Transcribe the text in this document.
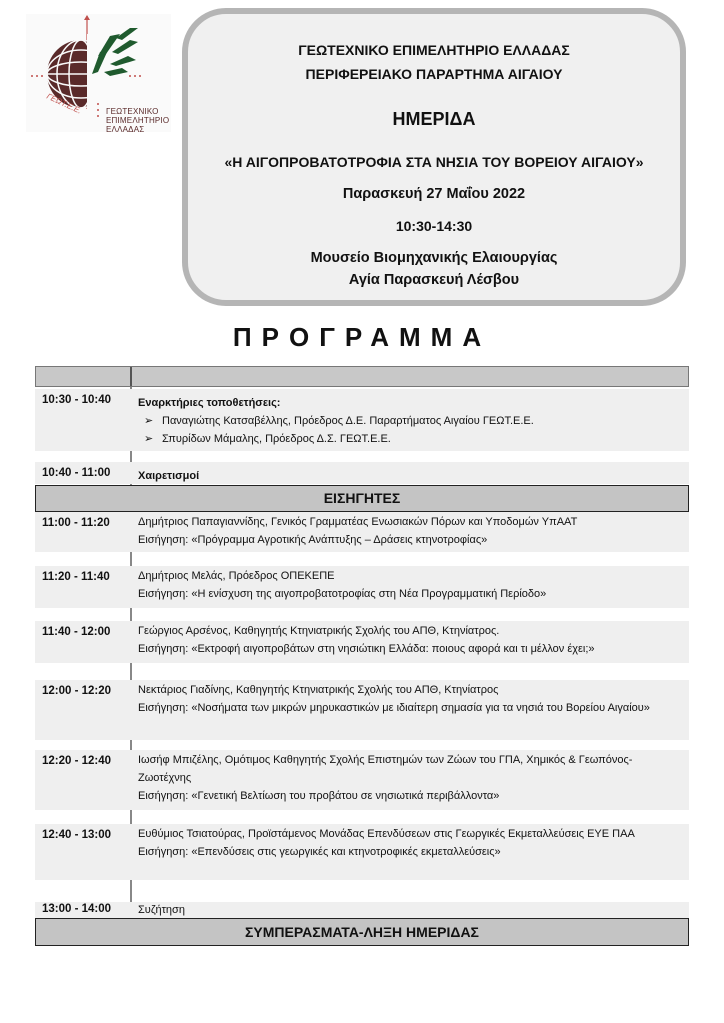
ΓΕΩΤ.Ε.Ε.	ΓΕΩΤΕΧΝΙΚΟ
ΕΠΙΜΕΛΗΤΗΡΙΟ
ΕΛΛΑΔΑΣ
ΓΕΩΤΕΧΝΙΚΟ ΕΠΙΜΕΛΗΤΗΡΙΟ ΕΛΛΑΔΑΣ
ΠΕΡΙΦΕΡΕΙΑΚΟ ΠΑΡΑΡΤΗΜΑ ΑΙΓΑΙΟΥ
ΗΜΕΡΙΔΑ
«Η ΑΙΓΟΠΡΟΒΑΤΟΤΡΟΦΙΑ ΣΤΑ ΝΗΣΙΑ ΤΟΥ ΒΟΡΕΙΟΥ ΑΙΓΑΙΟΥ»
Παρασκευή 27 Μαΐου 2022
10:30-14:30
Μουσείο Βιομηχανικής Ελαιουργίας
Αγία Παρασκευή Λέσβου
ΠΡΟΓΡΑΜΜΑ
10:30 - 10:40 Εναρκτήριες τοποθετήσεις:
➢ Παναγιώτης Κατσαβέλλης, Πρόεδρος Δ.Ε. Παραρτήματος Αιγαίου ΓΕΩΤ.Ε.Ε.
➢ Σπυρίδων Μάμαλης, Πρόεδρος Δ.Σ. ΓΕΩΤ.Ε.Ε.
10:40 - 11:00	Χαιρετισμοί
ΕΙΣΗΓΗΤΕΣ
11:00 - 11:20	Δημήτριος Παπαγιαννίδης, Γενικός Γραμματέας Ενωσιακών Πόρων και Υποδομών ΥπΑΑΤ
Εισήγηση: «Πρόγραμμα Αγροτικής Ανάπτυξης – Δράσεις κτηνοτροφίας»
11:20 - 11:40	Δημήτριος Μελάς, Πρόεδρος ΟΠΕΚΕΠΕ
Εισήγηση: «Η ενίσχυση της αιγοπροβατοτροφίας στη Νέα Προγραμματική Περίοδο»
11:40 - 12:00	Γεώργιος Αρσένος, Καθηγητής Κτηνιατρικής Σχολής του ΑΠΘ, Κτηνίατρος.
Εισήγηση: «Εκτροφή αιγοπροβάτων στη νησιώτικη Ελλάδα: ποιους αφορά και τι μέλλον έχει;»
12:00 - 12:20 Νεκτάριος Γιαδίνης, Καθηγητής Κτηνιατρικής Σχολής του ΑΠΘ, Κτηνίατρος
Εισήγηση: «Νοσήματα των μικρών μηρυκαστικών με ιδιαίτερη σημασία για τα νησιά του Βορείου Αιγαίου»
12:20 - 12:40 Ιωσήφ Μπιζέλης, Ομότιμος Καθηγητής Σχολής Επιστημών των Ζώων του ΓΠΑ, Χημικός & Γεωπόνος-Ζωοτέχνης
Εισήγηση: «Γενετική Βελτίωση του προβάτου σε νησιωτικά περιβάλλοντα»
12:40 - 13:00 Ευθύμιος Τσιατούρας, Προϊστάμενος Μονάδας Επενδύσεων στις Γεωργικές Εκμεταλλεύσεις ΕΥΕ ΠΑΑ
Εισήγηση: «Επενδύσεις στις γεωργικές και κτηνοτροφικές εκμεταλλεύσεις»
13:00 - 14:00 Συζήτηση
ΣΥΜΠΕΡΑΣΜΑΤΑ-ΛΗΞΗ ΗΜΕΡΙΔΑΣ
